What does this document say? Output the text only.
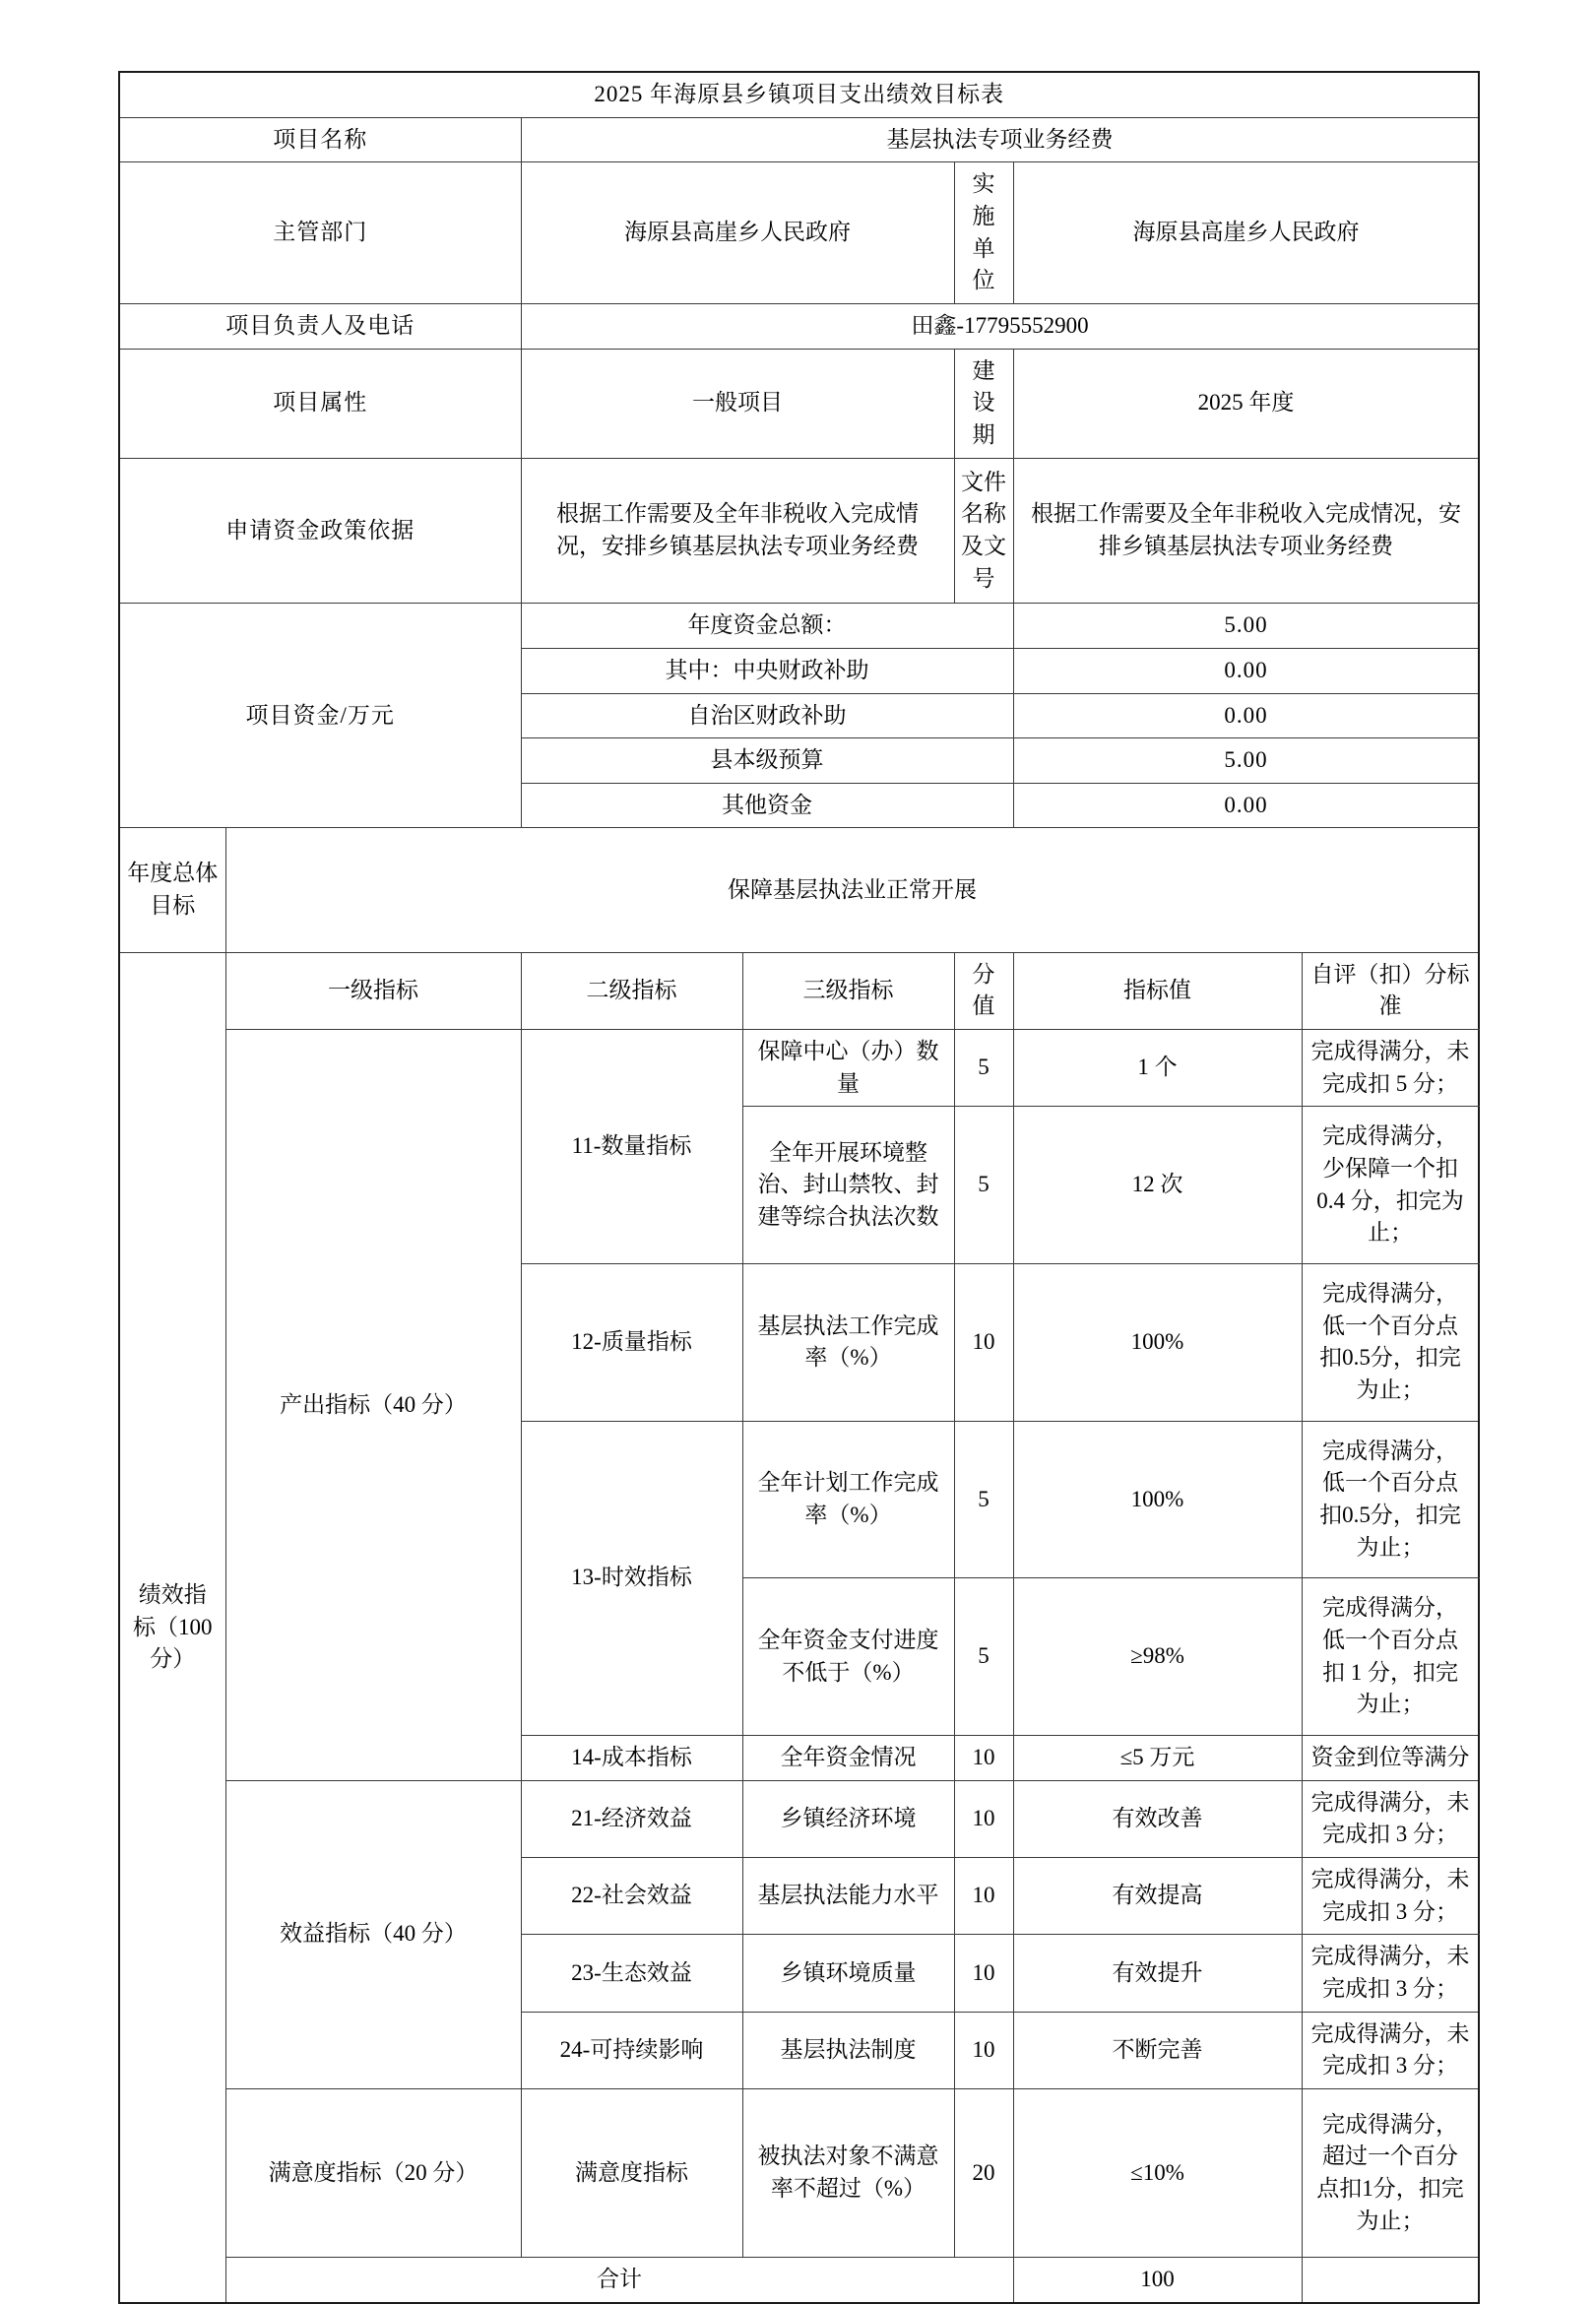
2025 年海原县乡镇项目支出绩效目标表							
项目名称		基层执法专项业务经费					
主管部门		海原县高崖乡人民政府		实施单位	海原县高崖乡人民政府		
项目负责人及电话		田鑫-17795552900					
项目属性		一般项目		建设期	2025 年度		
申请资金政策依据		根据工作需要及全年非税收入完成情况，安排乡镇基层执法专项业务经费		文件名称及文号	根据工作需要及全年非税收入完成情况，安排乡镇基层执法专项业务经费		
项目资金/万元		年度资金总额：			5.00		
		其中：中央财政补助			0.00		
		自治区财政补助			0.00		
		县本级预算			5.00		
		其他资金			0.00		
年度总体目标	保障基层执法业正常开展						
绩效指标（100 分）	一级指标	二级指标	三级指标	分值	指标值	自评（扣）分标准	
	产出指标（40 分）	11-数量指标	保障中心（办）数量	5	1 个	完成得满分，未完成扣 5 分；	
			全年开展环境整治、封山禁牧、封建等综合执法次数	5	12 次	完成得满分，少保障一个扣 0.4 分，扣完为止；	
		12-质量指标	基层执法工作完成率（%）	10	100%	完成得满分，低一个百分点扣0.5分，扣完为止；	
		13-时效指标	全年计划工作完成率（%）	5	100%	完成得满分，低一个百分点扣0.5分，扣完为止；	
			全年资金支付进度不低于（%）	5	≥98%	完成得满分，低一个百分点扣 1 分，扣完为止；	
		14-成本指标	全年资金情况	10	≤5 万元	资金到位等满分	
	效益指标（40 分）	21-经济效益	乡镇经济环境	10	有效改善	完成得满分，未完成扣 3 分；	
		22-社会效益	基层执法能力水平	10	有效提高	完成得满分，未完成扣 3 分；	
		23-生态效益	乡镇环境质量	10	有效提升	完成得满分，未完成扣 3 分；	
		24-可持续影响	基层执法制度	10	不断完善	完成得满分，未完成扣 3 分；	
	满意度指标（20 分）	满意度指标	被执法对象不满意率不超过（%）	20	≤10%	完成得满分，超过一个百分点扣1分，扣完为止；	
	合计				100		
